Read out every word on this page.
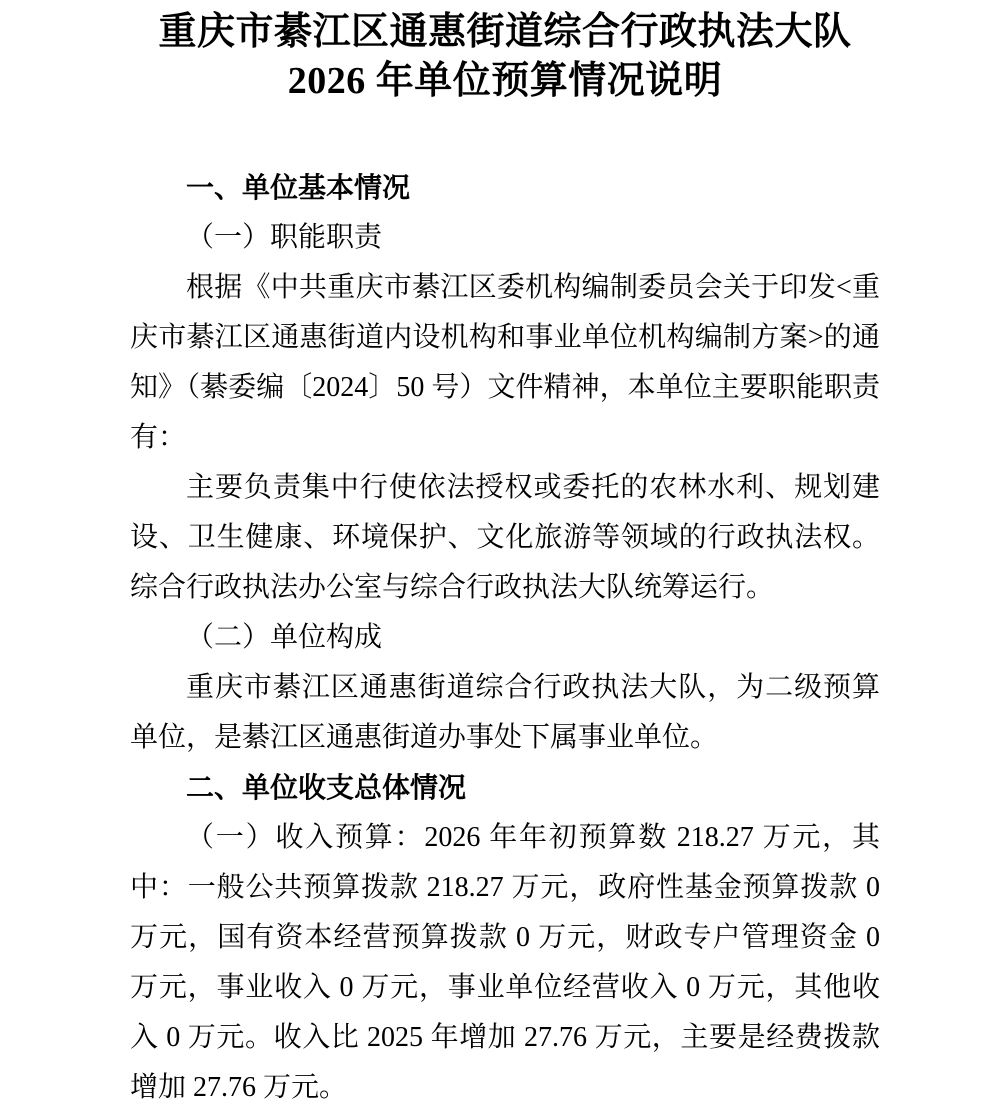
重庆市綦江区通惠街道综合行政执法大队
2026 年单位预算情况说明
一、单位基本情况
（一）职能职责
根据《中共重庆市綦江区委机构编制委员会关于印发<重庆市綦江区通惠街道内设机构和事业单位机构编制方案>的通知》（綦委编〔2024〕50 号）文件精神，本单位主要职能职责有：
主要负责集中行使依法授权或委托的农林水利、规划建设、卫生健康、环境保护、文化旅游等领域的行政执法权。综合行政执法办公室与综合行政执法大队统筹运行。
（二）单位构成
重庆市綦江区通惠街道综合行政执法大队，为二级预算单位，是綦江区通惠街道办事处下属事业单位。
二、单位收支总体情况
（一）收入预算：2026 年年初预算数 218.27 万元，其中：一般公共预算拨款 218.27 万元，政府性基金预算拨款 0 万元，国有资本经营预算拨款 0 万元，财政专户管理资金 0 万元，事业收入 0 万元，事业单位经营收入 0 万元，其他收入 0 万元。收入比 2025 年增加 27.76 万元，主要是经费拨款增加 27.76 万元。
